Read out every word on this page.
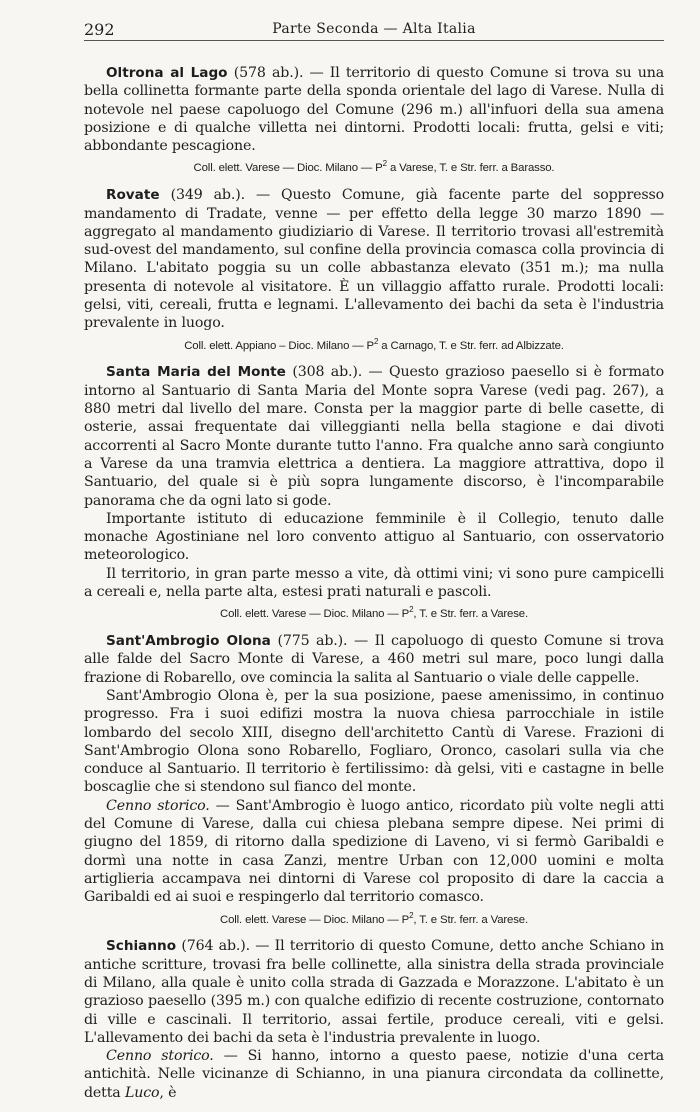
292	Parte Seconda — Alta Italia

Oltrona al Lago (578 ab.). — Il territorio di questo Comune si trova su una bella collinetta formante parte della sponda orientale del lago di Varese. Nulla di notevole nel paese capoluogo del Comune (296 m.) all'infuori della sua amena posizione e di qualche villetta nei dintorni. Prodotti locali: frutta, gelsi e viti; abbondante pescagione.

Coll. elett. Varese — Dioc. Milano — $P^2$ a Varese, T. e Str. ferr. a Barasso.

Rovate (349 ab.). — Questo Comune, già facente parte del soppresso mandamento di Tradate, venne — per effetto della legge 30 marzo 1890 — aggregato al mandamento giudiziario di Varese. Il territorio trovasi all'estremità sud-ovest del mandamento, sul confine della provincia comasca colla provincia di Milano. L'abitato poggia su un colle abbastanza elevato (351 m.); ma nulla presenta di notevole al visitatore. È un villaggio affatto rurale. Prodotti locali: gelsi, viti, cereali, frutta e legnami. L'allevamento dei bachi da seta è l'industria prevalente in luogo.

Coll. elett. Appiano – Dioc. Milano — $P^2$ a Carnago, T. e Str. ferr. ad Albizzate.

Santa Maria del Monte (308 ab.). — Questo grazioso paesello si è formato intorno al Santuario di Santa Maria del Monte sopra Varese (vedi pag. 267), a 880 metri dal livello del mare. Consta per la maggior parte di belle casette, di osterie, assai frequentate dai villeggianti nella bella stagione e dai divoti accorrenti al Sacro Monte durante tutto l'anno. Fra qualche anno sarà congiunto a Varese da una tramvia elettrica a dentiera. La maggiore attrattiva, dopo il Santuario, del quale si è più sopra lungamente discorso, è l'incomparabile panorama che da ogni lato si gode.

Importante istituto di educazione femminile è il Collegio, tenuto dalle monache Agostiniane nel loro convento attiguo al Santuario, con osservatorio meteorologico.

Il territorio, in gran parte messo a vite, dà ottimi vini; vi sono pure campicelli a cereali e, nella parte alta, estesi prati naturali e pascoli.

Coll. elett. Varese — Dioc. Milano — $P^2$, T. e Str. ferr. a Varese.

Sant'Ambrogio Olona (775 ab.). — Il capoluogo di questo Comune si trova alle falde del Sacro Monte di Varese, a 460 metri sul mare, poco lungi dalla frazione di Robarello, ove comincia la salita al Santuario o viale delle cappelle.

Sant'Ambrogio Olona è, per la sua posizione, paese amenissimo, in continuo progresso. Fra i suoi edifizi mostra la nuova chiesa parrocchiale in istile lombardo del secolo XIII, disegno dell'architetto Cantù di Varese. Frazioni di Sant'Ambrogio Olona sono Robarello, Fogliaro, Oronco, casolari sulla via che conduce al Santuario. Il territorio è fertilissimo: dà gelsi, viti e castagne in belle boscaglie che si stendono sul fianco del monte.

Cenno storico. — Sant'Ambrogio è luogo antico, ricordato più volte negli atti del Comune di Varese, dalla cui chiesa plebana sempre dipese. Nei primi di giugno del 1859, di ritorno dalla spedizione di Laveno, vi si fermò Garibaldi e dormì una notte in casa Zanzi, mentre Urban con 12,000 uomini e molta artiglieria accampava nei dintorni di Varese col proposito di dare la caccia a Garibaldi ed ai suoi e respingerlo dal territorio comasco.

Coll. elett. Varese — Dioc. Milano — $P^2$, T. e Str. ferr. a Varese.

Schianno (764 ab.). — Il territorio di questo Comune, detto anche Schiano in antiche scritture, trovasi fra belle collinette, alla sinistra della strada provinciale di Milano, alla quale è unito colla strada di Gazzada e Morazzone. L'abitato è un grazioso paesello (395 m.) con qualche edifizio di recente costruzione, contornato di ville e cascinali. Il territorio, assai fertile, produce cereali, viti e gelsi. L'allevamento dei bachi da seta è l'industria prevalente in luogo.

Cenno storico. — Si hanno, intorno a questo paese, notizie d'una certa antichità. Nelle vicinanze di Schianno, in una pianura circondata da collinette, detta Luco, è
